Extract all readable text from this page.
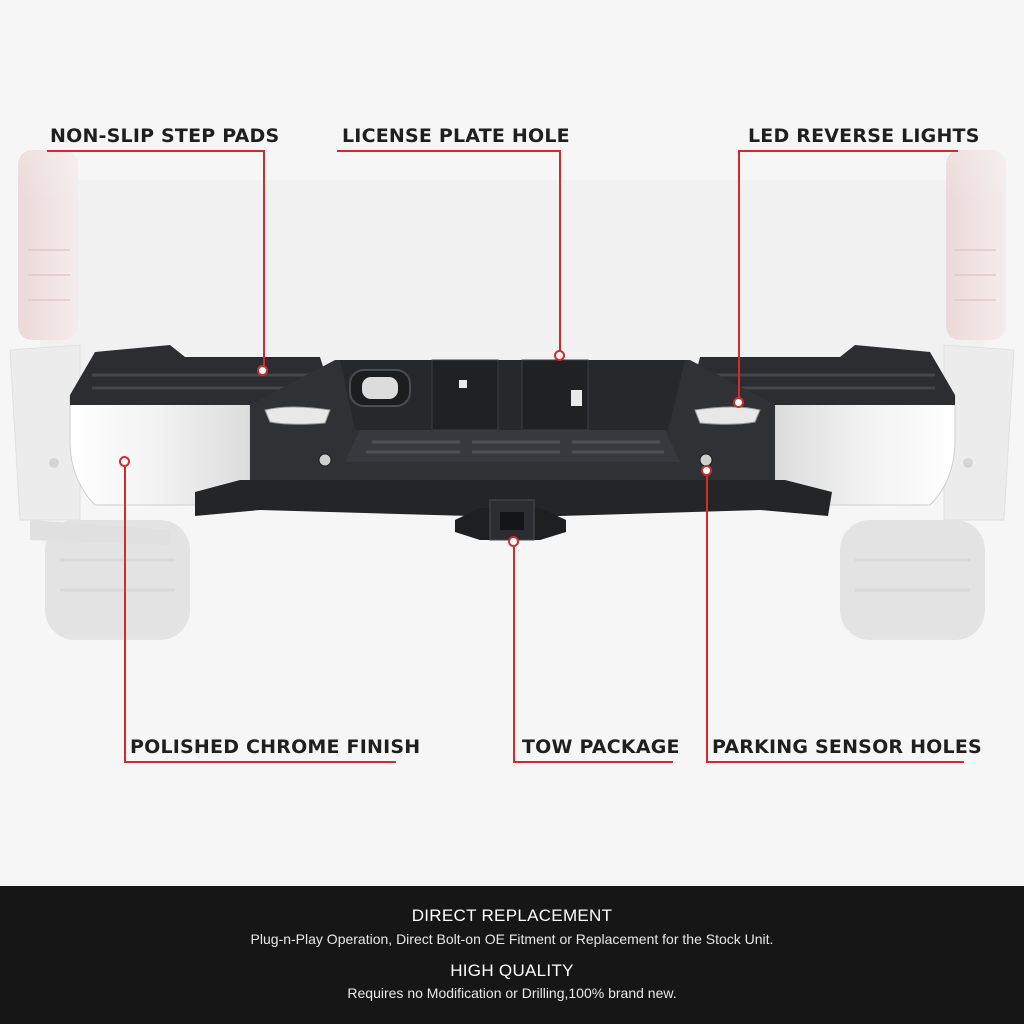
NON-SLIP STEP PADS	LICENSE PLATE HOLE	LED REVERSE LIGHTS
POLISHED CHROME FINISH	TOW PACKAGE PARKING SENSOR HOLES
DIRECT REPLACEMENT
Plug-n-Play Operation, Direct Bolt-on OE Fitment or Replacement for the Stock Unit.
HIGH QUALITY
Requires no Modification or Drilling,100% brand new.
